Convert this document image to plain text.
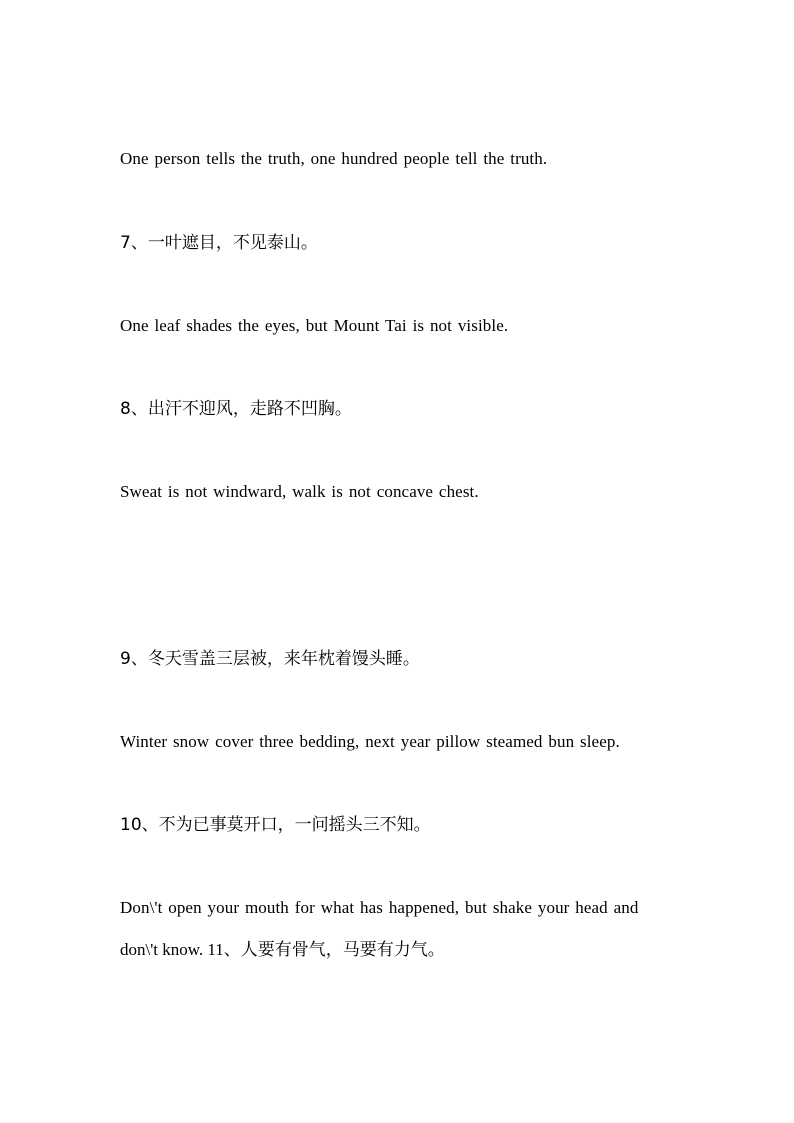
One person tells the truth, one hundred people tell the truth.
7、一叶遮目，不见泰山。
One leaf shades the eyes, but Mount Tai is not visible.
8、出汗不迎风，走路不凹胸。
Sweat is not windward, walk is not concave chest.
9、冬天雪盖三层被，来年枕着馒头睡。
Winter snow cover three bedding, next year pillow steamed bun sleep.
10、不为已事莫开口，一问摇头三不知。
Don\'t open your mouth for what has happened, but shake your head and
don\'t know. 11、人要有骨气，马要有力气。
